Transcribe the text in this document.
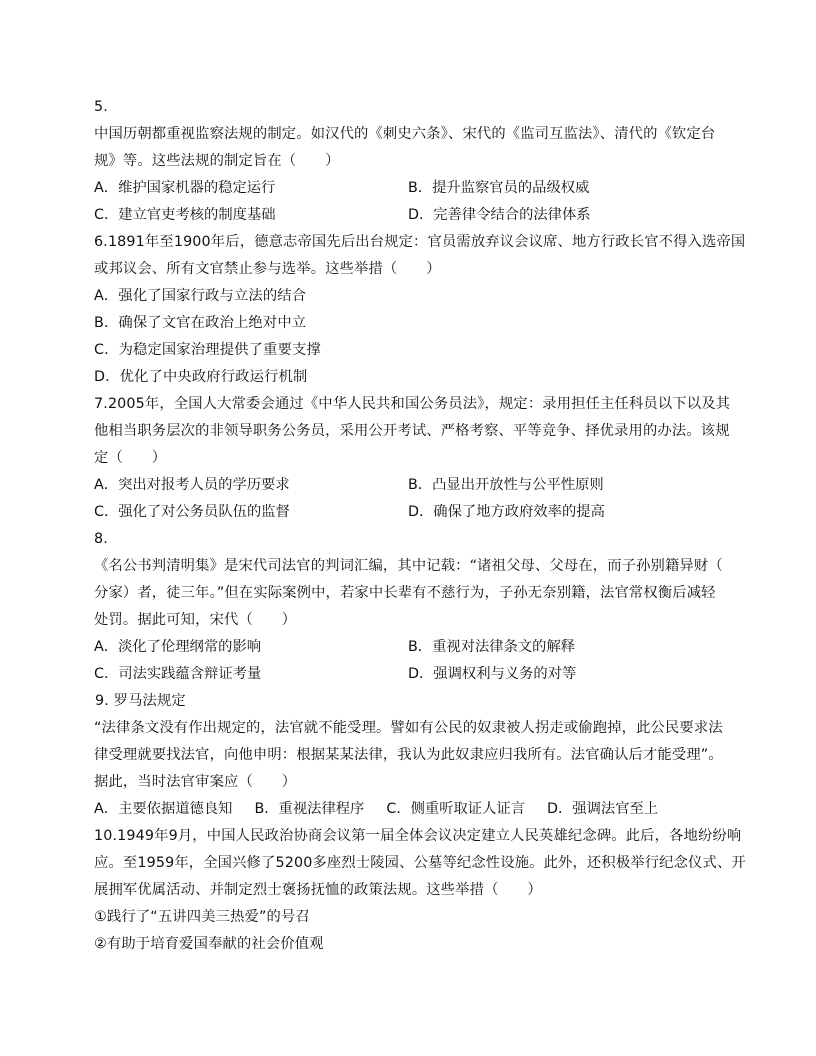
5.
中国历朝都重视监察法规的制定。如汉代的《刺史六条》、宋代的《监司互监法》、清代的《钦定台
规》等。这些法规的制定旨在（　　）
A．维护国家机器的稳定运行	B．提升监察官员的品级权威
C．建立官吏考核的制度基础	D．完善律令结合的法律体系
6.1891年至1900年后，德意志帝国先后出台规定：官员需放弃议会议席、地方行政长官不得入选帝国
或邦议会、所有文官禁止参与选举。这些举措（　　）
A．强化了国家行政与立法的结合
B．确保了文官在政治上绝对中立
C．为稳定国家治理提供了重要支撑
D．优化了中央政府行政运行机制
7.2005年，全国人大常委会通过《中华人民共和国公务员法》，规定：录用担任主任科员以下以及其
他相当职务层次的非领导职务公务员，采用公开考试、严格考察、平等竞争、择优录用的办法。该规
定（　　）
A．突出对报考人员的学历要求	B．凸显出开放性与公平性原则
C．强化了对公务员队伍的监督	D．确保了地方政府效率的提高
8.
《名公书判清明集》是宋代司法官的判词汇编，其中记载：“诸祖父母、父母在，而子孙别籍异财（
分家）者，徒三年。”但在实际案例中，若家中长辈有不慈行为，子孙无奈别籍，法官常权衡后减轻
处罚。据此可知，宋代（　　）
A．淡化了伦理纲常的影响	B．重视对法律条文的解释
C．司法实践蕴含辩证考量	D．强调权利与义务的对等
9. 罗马法规定
“法律条文没有作出规定的，法官就不能受理。譬如有公民的奴隶被人拐走或偷跑掉，此公民要求法
律受理就要找法官，向他申明：根据某某法律，我认为此奴隶应归我所有。法官确认后才能受理”。
据此，当时法官审案应（　　）
A．主要依据道德良知 B．重视法律程序 C．侧重听取证人证言 D．强调法官至上
10.1949年9月，中国人民政治协商会议第一届全体会议决定建立人民英雄纪念碑。此后，各地纷纷响
应。至1959年，全国兴修了5200多座烈士陵园、公墓等纪念性设施。此外，还积极举行纪念仪式、开
展拥军优属活动、并制定烈士褒扬抚恤的政策法规。这些举措（　　）
①践行了“五讲四美三热爱”的号召
②有助于培育爱国奉献的社会价值观
